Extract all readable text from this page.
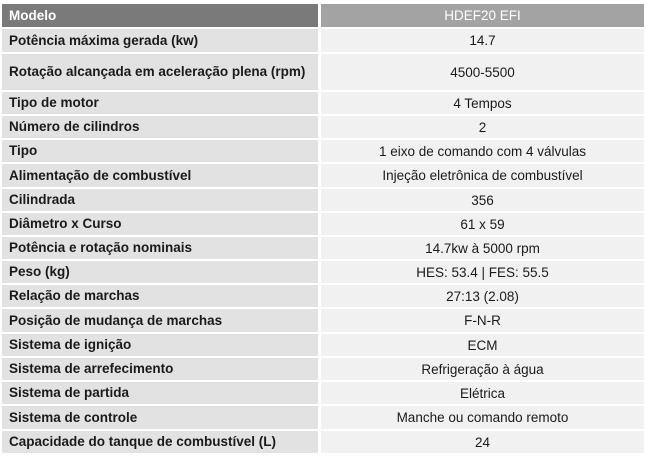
Modelo	HDEF20 EFI
Potência máxima gerada (kw)	14.7
Rotação alcançada em aceleração plena (rpm)	4500-5500
Tipo de motor	4 Tempos
Número de cilindros	2
Tipo	1 eixo de comando com 4 válvulas
Alimentação de combustível	Injeção eletrônica de combustível
Cilindrada	356
Diâmetro x Curso	61 x 59
Potência e rotação nominais	14.7kw à 5000 rpm
Peso (kg)	HES: 53.4 | FES: 55.5
Relação de marchas	27:13 (2.08)
Posição de mudança de marchas	F-N-R
Sistema de ignição	ECM
Sistema de arrefecimento	Refrigeração à água
Sistema de partida	Elétrica
Sistema de controle	Manche ou comando remoto
Capacidade do tanque de combustível (L)	24
